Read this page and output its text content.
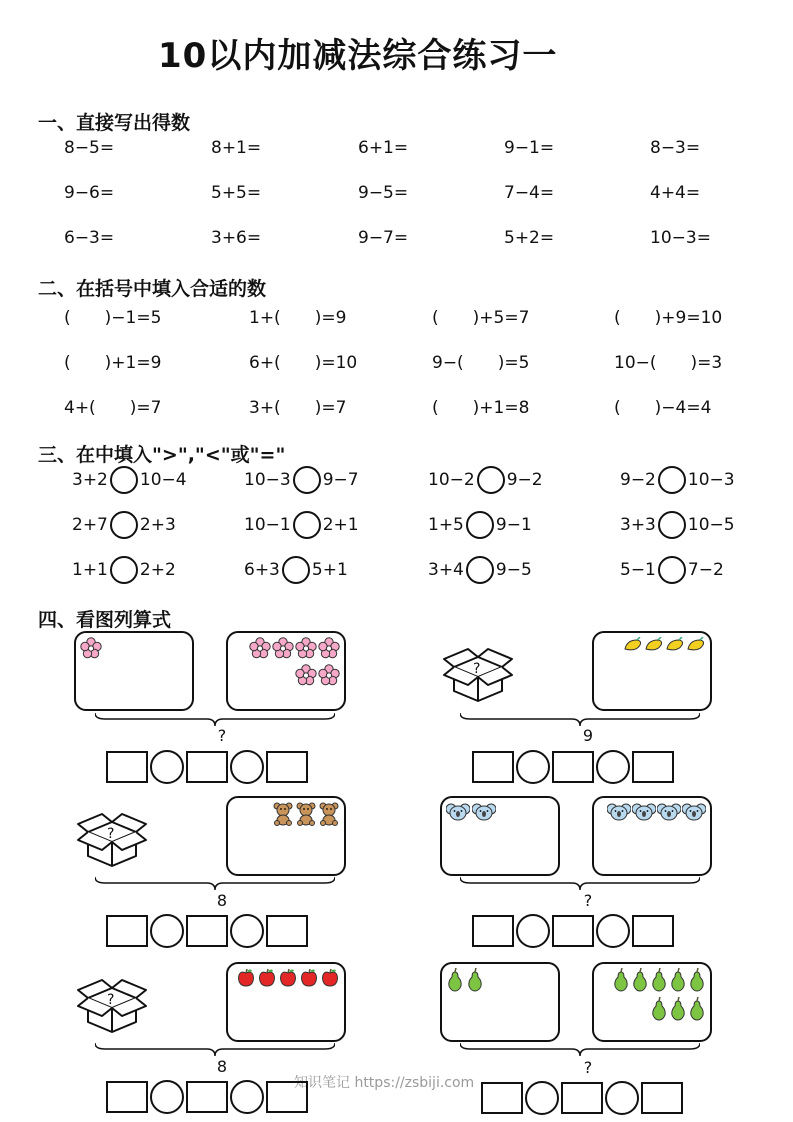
10以内加减法综合练习一
一、直接写出得数
二、在括号中填入合适的数
三、在中填入">","<"或"="
四、看图列算式
知识笔记 https://zsbiji.com
8−5=	8+1=	6+1=	9−1=	8−3=
9−6=	5+5=	9−5=	7−4=	4+4=
6−3=	3+6=	9−7=	5+2=	10−3=
(　　)−1=5	1+(　　)=9	(　　)+5=7	(　　)+9=10
(　　)+1=9	6+(　　)=10	9−(　　)=5	10−(　　)=3
4+(　　)=7	3+(　　)=7	(　　)+1=8	(　　)−4=4
3+2 10−4	10−3 9−7	10−2 9−2	9−2 10−3
2+7 2+3	10−1 2+1	1+5 9−1	3+3 10−5
1+1 2+2	6+3 5+1	3+4 9−5	5−1 7−2
?
?
9
?
8	?
?
8	?
